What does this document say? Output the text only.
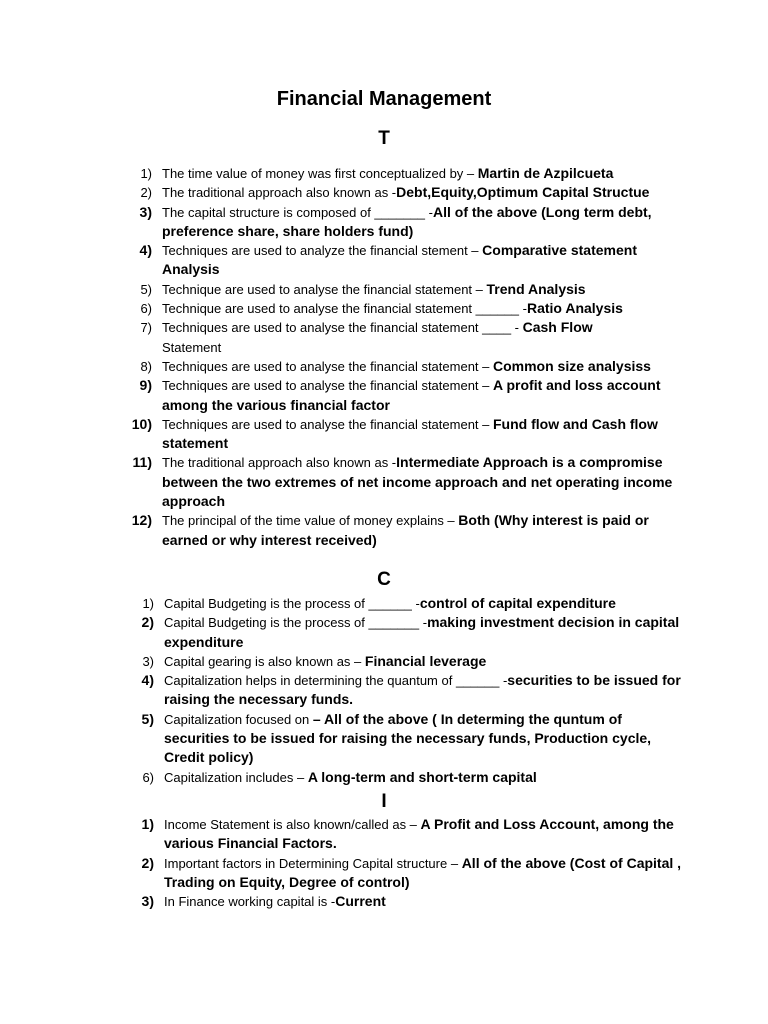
Financial Management
T
1) The time value of money was first conceptualized by – Martin de Azpilcueta
2) The traditional approach also known as -Debt,Equity,Optimum Capital Structue
3) The capital structure is composed of _______ -All of the above (Long term debt, preference share, share holders fund)
4) Techniques are used to analyze the financial stement – Comparative statement Analysis
5) Technique are used to analyse the financial statement – Trend Analysis
6) Technique are used to analyse the financial statement ______ -Ratio Analysis
7) Techniques are used to analyse the financial statement ____ - Cash Flow
Statement
8) Techniques are used to analyse the financial statement – Common size analysiss
9) Techniques are used to analyse the financial statement – A profit and loss account among the various financial factor
10) Techniques are used to analyse the financial statement – Fund flow and Cash flow statement
11) The traditional approach also known as -Intermediate Approach is a compromise between the two extremes of net income approach and net operating income approach
12) The principal of the time value of money explains – Both (Why interest is paid or earned or why interest received)
C
1) Capital Budgeting is the process of ______ -control of capital expenditure
2) Capital Budgeting is the process of _______ -making investment decision in capital expenditure
3) Capital gearing is also known as – Financial leverage
4) Capitalization helps in determining the quantum of ______ -securities to be issued for raising the necessary funds.
5) Capitalization focused on – All of the above ( In determing the quntum of securities to be issued for raising the necessary funds, Production cycle, Credit policy)
6) Capitalization includes – A long-term and short-term capital
I
1) Income Statement is also known/called as – A Profit and Loss Account, among the various Financial Factors.
2) Important factors in Determining Capital structure – All of the above (Cost of Capital , Trading on Equity, Degree of control)
3) In Finance working capital is -Current
